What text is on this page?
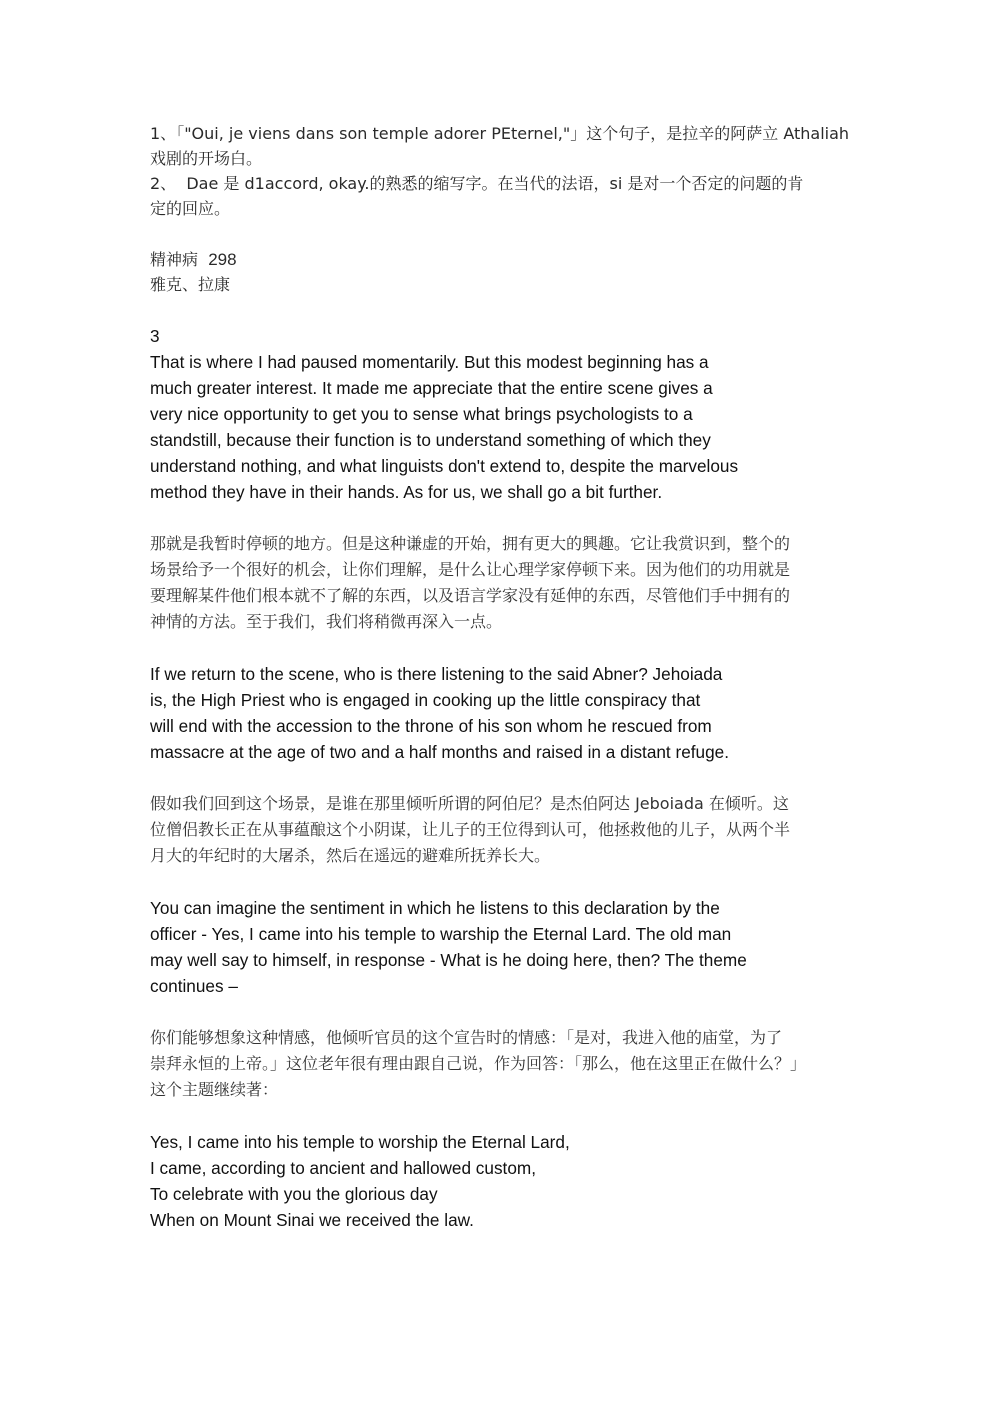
1、「"Oui, je viens dans son temple adorer PEternel,"」这个句子，是拉辛的阿萨立 Athaliah
戏剧的开场白。
2、 Dae 是 d1accord, okay.的熟悉的缩写字。在当代的法语，si 是对一个否定的问题的肯
定的回应。
精神病 298
雅克、拉康
3
That is where I had paused momentarily. But this modest beginning has a
much greater interest. It made me appreciate that the entire scene gives a
very nice opportunity to get you to sense what brings psychologists to a
standstill, because their function is to understand something of which they
understand nothing, and what linguists don't extend to, despite the marvelous
method they have in their hands. As for us, we shall go a bit further.
那就是我暂时停顿的地方。但是这种谦虚的开始，拥有更大的興趣。它让我赏识到，整个的
场景给予一个很好的机会，让你们理解，是什么让心理学家停顿下来。因为他们的功用就是
要理解某件他们根本就不了解的东西，以及语言学家没有延伸的东西，尽管他们手中拥有的
神情的方法。至于我们，我们将稍微再深入一点。
If we return to the scene, who is there listening to the said Abner? Jehoiada
is, the High Priest who is engaged in cooking up the little conspiracy that
will end with the accession to the throne of his son whom he rescued from
massacre at the age of two and a half months and raised in a distant refuge.
假如我们回到这个场景，是谁在那里倾听所谓的阿伯尼？是杰伯阿达 Jeboiada 在倾听。这
位僧侣教长正在从事蕴酿这个小阴谋，让儿子的王位得到认可，他拯救他的儿子，从两个半
月大的年纪时的大屠杀，然后在遥远的避难所抚养长大。
You can imagine the sentiment in which he listens to this declaration by the
officer - Yes, I came into his temple to warship the Eternal Lard. The old man
may well say to himself, in response - What is he doing here, then? The theme
continues –
你们能够想象这种情感，他倾听官员的这个宣告时的情感：「是对，我进入他的庙堂，为了
崇拜永恒的上帝。」这位老年很有理由跟自己说，作为回答：「那么，他在这里正在做什么？」
这个主题继续著：
Yes, I came into his temple to worship the Eternal Lard,
I came, according to ancient and hallowed custom,
To celebrate with you the glorious day
When on Mount Sinai we received the law.
